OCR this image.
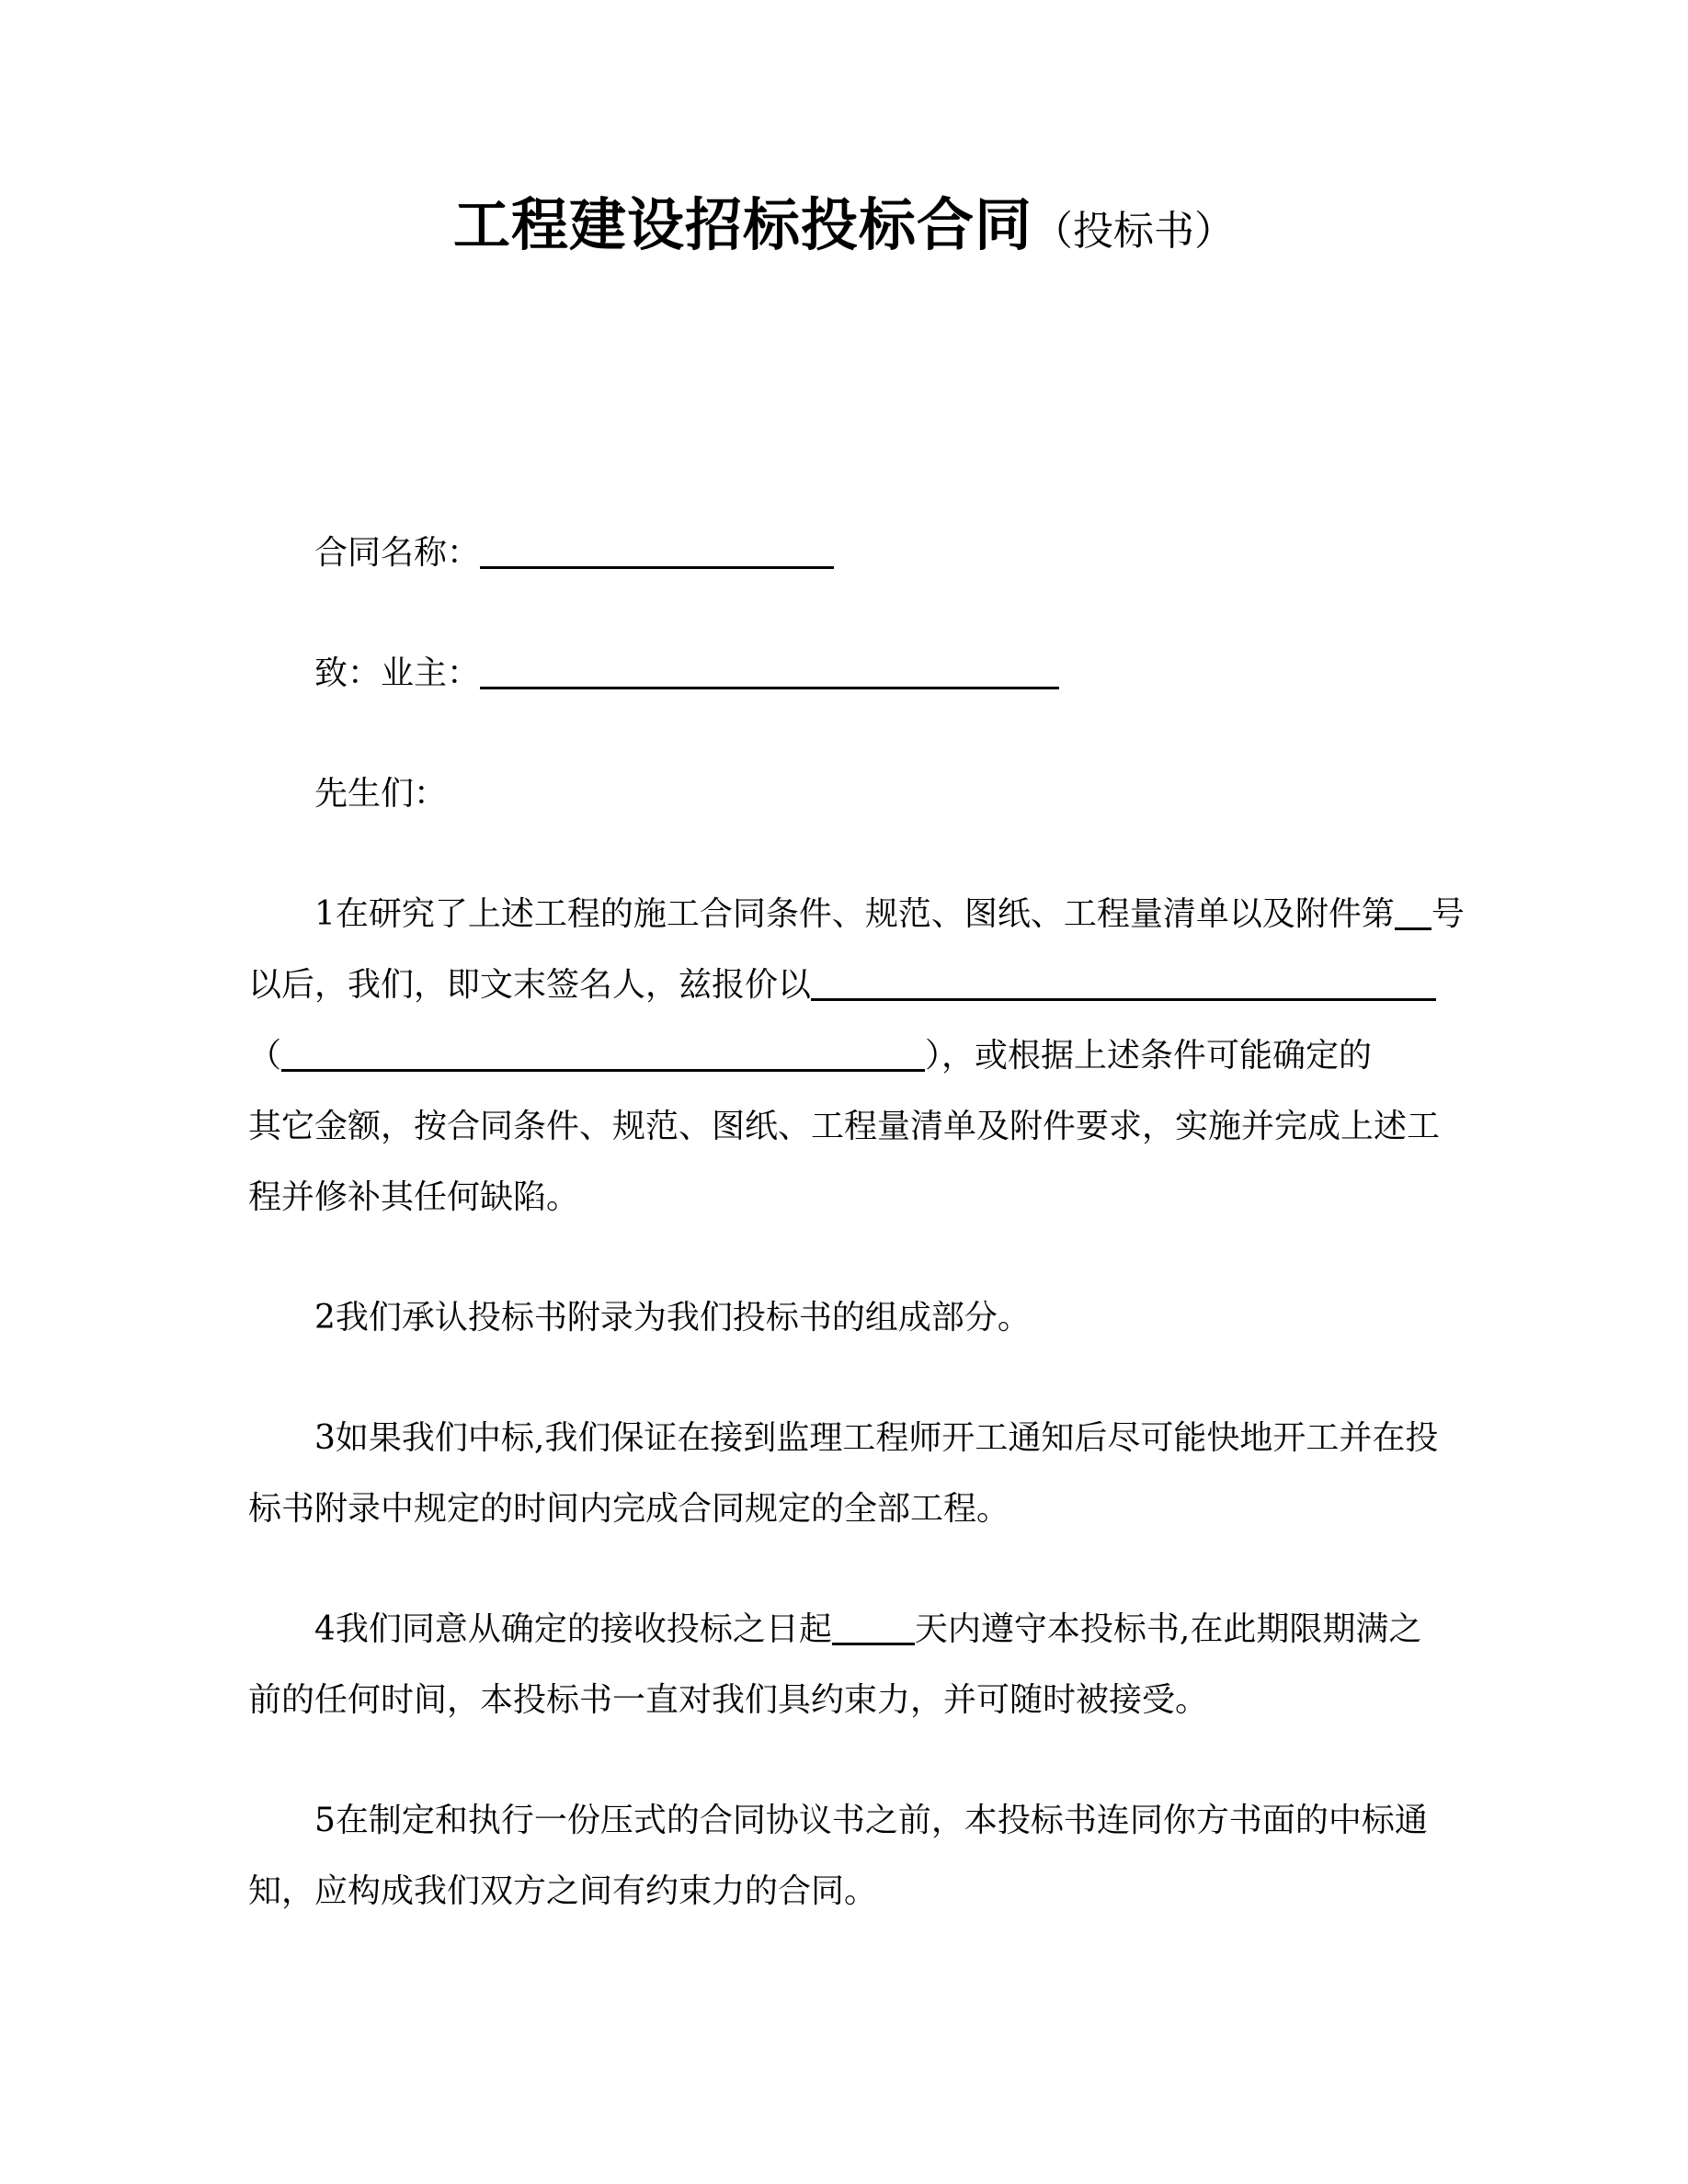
工程建设招标投标合同（投标书）
合同名称：
致：业主：
先生们：
1在研究了上述工程的施工合同条件、规范、图纸、工程量清单以及附件第 号
以后，我们，即文末签名人，兹报价以
（	），或根据上述条件可能确定的
其它金额，按合同条件、规范、图纸、工程量清单及附件要求，实施并完成上述工
程并修补其任何缺陷。
2我们承认投标书附录为我们投标书的组成部分。
3如果我们中标,我们保证在接到监理工程师开工通知后尽可能快地开工并在投
标书附录中规定的时间内完成合同规定的全部工程。
4我们同意从确定的接收投标之日起	天内遵守本投标书,在此期限期满之
前的任何时间，本投标书一直对我们具约束力，并可随时被接受。
5在制定和执行一份压式的合同协议书之前，本投标书连同你方书面的中标通
知，应构成我们双方之间有约束力的合同。
